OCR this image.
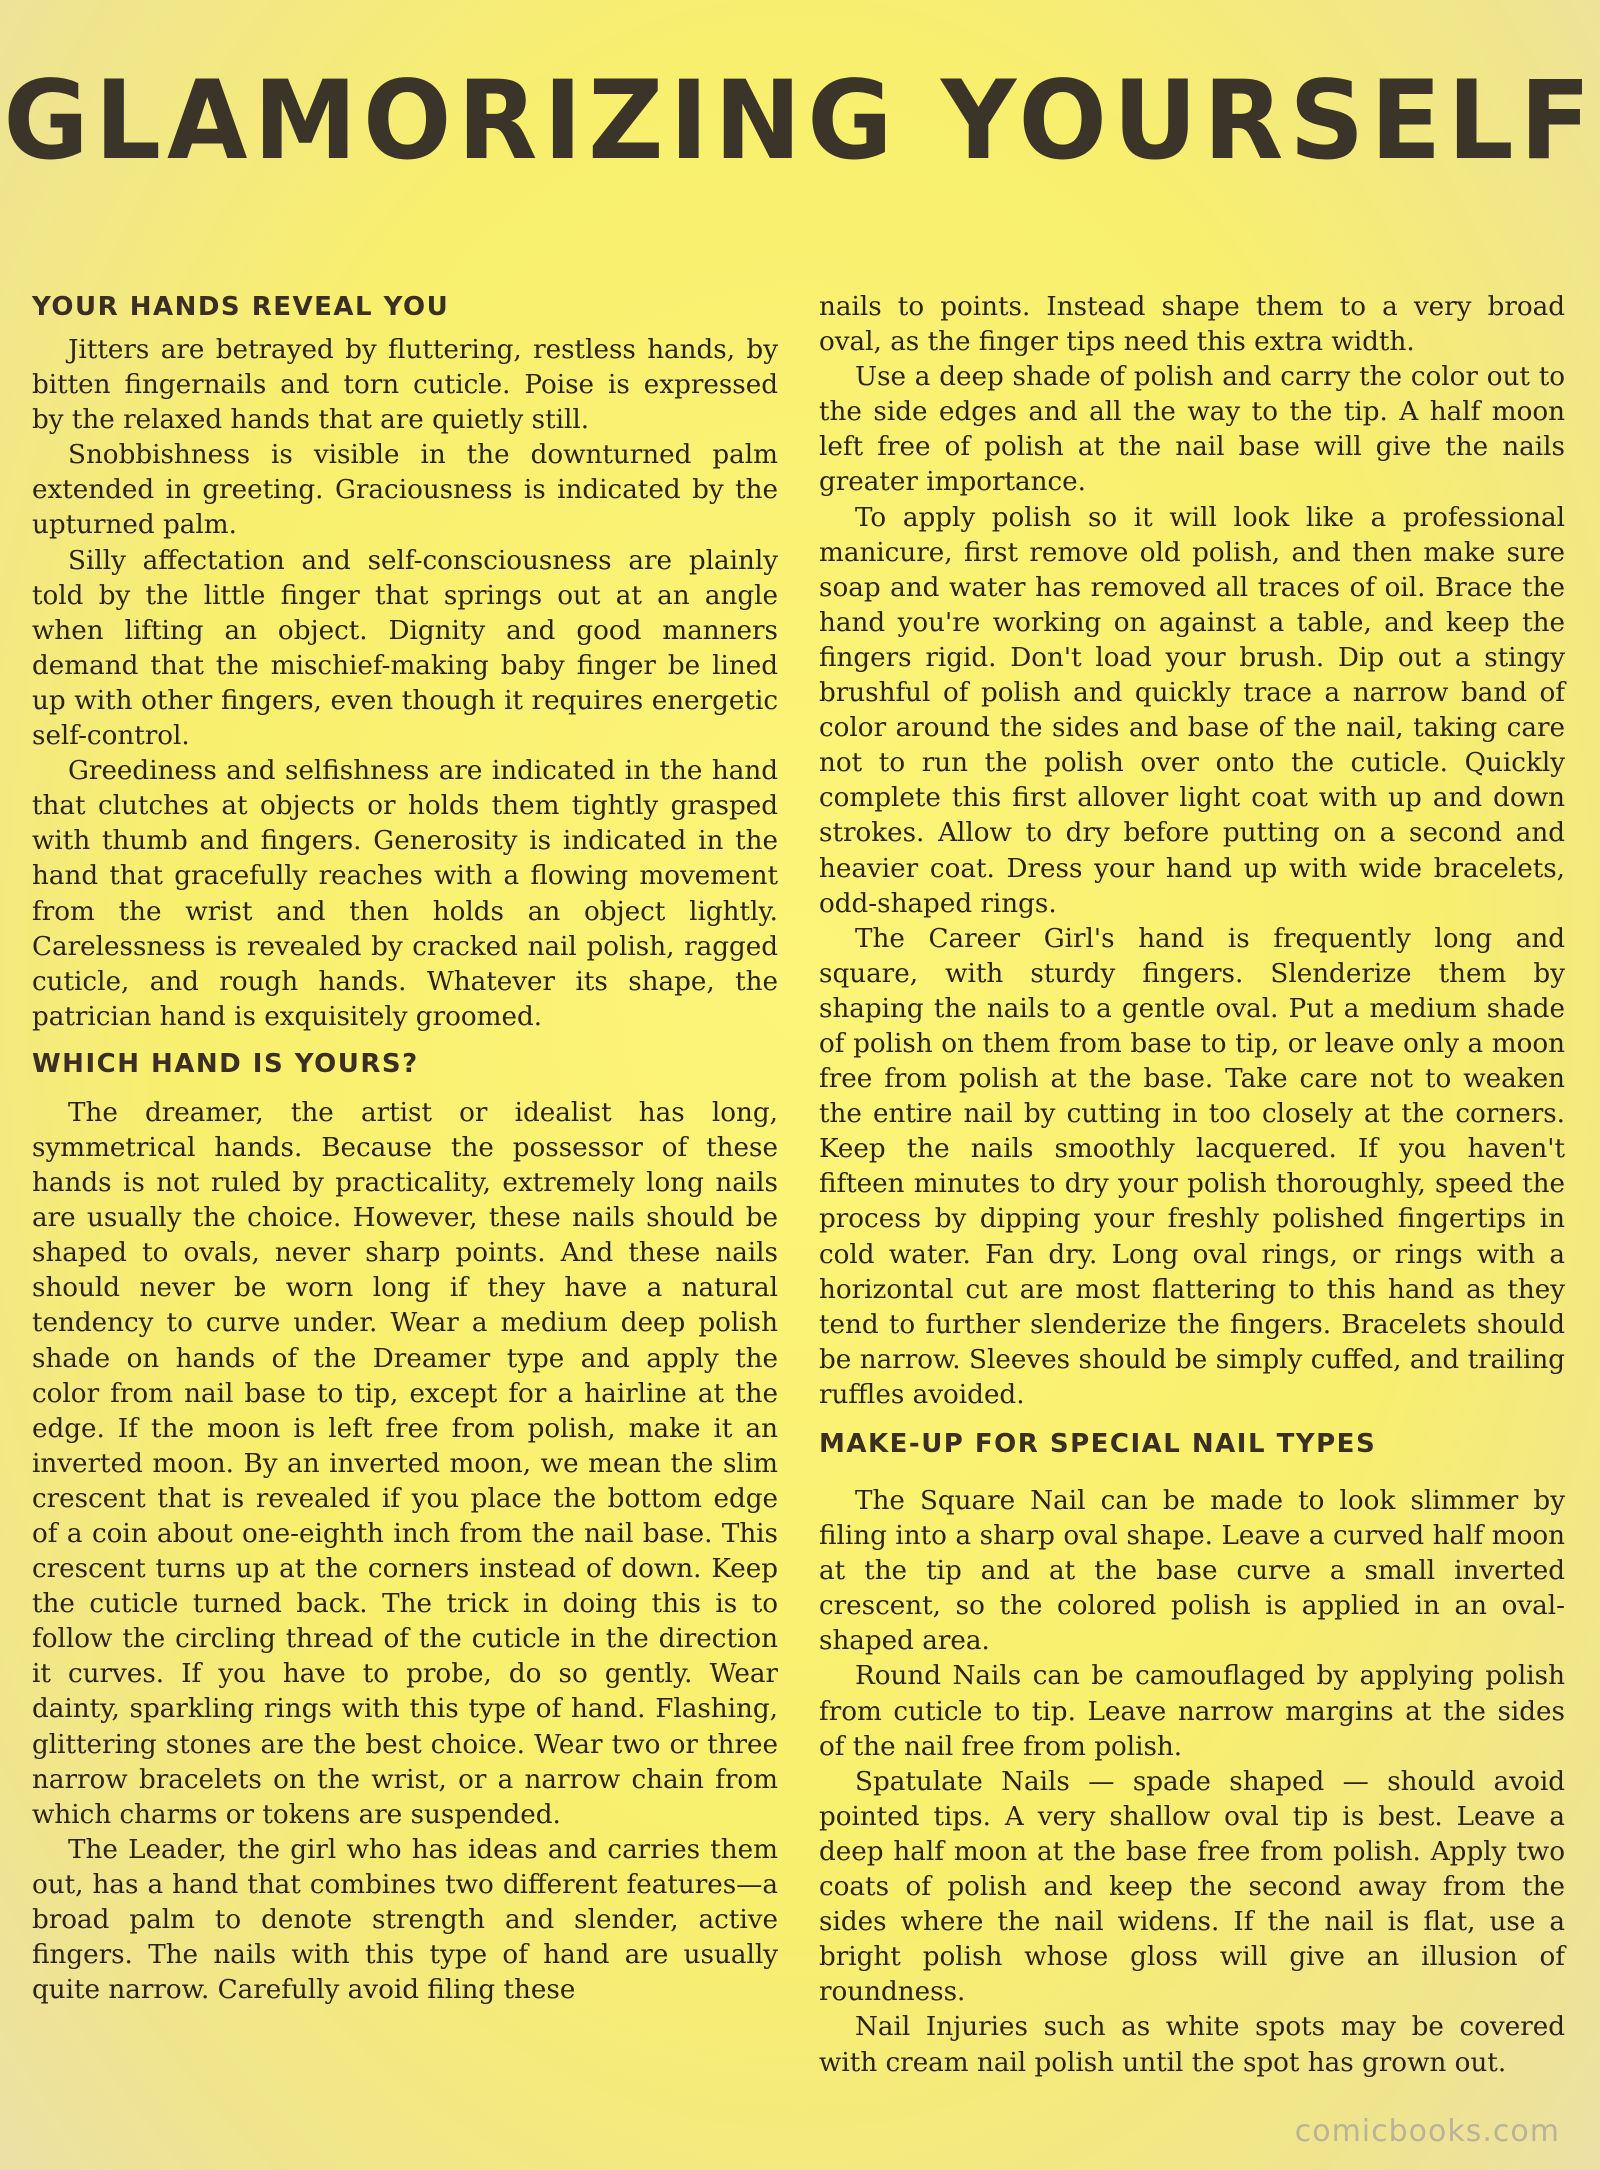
GLAMORIZING YOURSELF
YOUR HANDS REVEAL YOU

Jitters are betrayed by fluttering, restless hands, by bitten fingernails and torn cuticle. Poise is expressed by the relaxed hands that are quietly still.

Snobbishness is visible in the downturned palm extended in greeting. Graciousness is indicated by the upturned palm.

Silly affectation and self-consciousness are plainly told by the little finger that springs out at an angle when lifting an object. Dignity and good manners demand that the mischief-making baby finger be lined up with other fingers, even though it requires energetic self-control.

Greediness and selfishness are indicated in the hand that clutches at objects or holds them tightly grasped with thumb and fingers. Generosity is indicated in the hand that gracefully reaches with a flowing movement from the wrist and then holds an object lightly. Carelessness is revealed by cracked nail polish, ragged cuticle, and rough hands. Whatever its shape, the patrician hand is exquisitely groomed.

WHICH HAND IS YOURS?

The dreamer, the artist or idealist has long, symmetrical hands. Because the possessor of these hands is not ruled by practicality, extremely long nails are usually the choice. However, these nails should be shaped to ovals, never sharp points. And these nails should never be worn long if they have a natural tendency to curve under. Wear a medium deep polish shade on hands of the Dreamer type and apply the color from nail base to tip, except for a hairline at the edge. If the moon is left free from polish, make it an inverted moon. By an inverted moon, we mean the slim crescent that is revealed if you place the bottom edge of a coin about one-eighth inch from the nail base. This crescent turns up at the corners instead of down. Keep the cuticle turned back. The trick in doing this is to follow the circling thread of the cuticle in the direction it curves. If you have to probe, do so gently. Wear dainty, sparkling rings with this type of hand. Flashing, glittering stones are the best choice. Wear two or three narrow bracelets on the wrist, or a narrow chain from which charms or tokens are suspended.

The Leader, the girl who has ideas and carries them out, has a hand that combines two different features—a broad palm to denote strength and slender, active fingers. The nails with this type of hand are usually quite narrow. Carefully avoid filing these

nails to points. Instead shape them to a very broad oval, as the finger tips need this extra width.

Use a deep shade of polish and carry the color out to the side edges and all the way to the tip. A half moon left free of polish at the nail base will give the nails greater importance.

To apply polish so it will look like a professional manicure, first remove old polish, and then make sure soap and water has removed all traces of oil. Brace the hand you're working on against a table, and keep the fingers rigid. Don't load your brush. Dip out a stingy brushful of polish and quickly trace a narrow band of color around the sides and base of the nail, taking care not to run the polish over onto the cuticle. Quickly complete this first allover light coat with up and down strokes. Allow to dry before putting on a second and heavier coat. Dress your hand up with wide bracelets, odd-shaped rings.

The Career Girl's hand is frequently long and square, with sturdy fingers. Slenderize them by shaping the nails to a gentle oval. Put a medium shade of polish on them from base to tip, or leave only a moon free from polish at the base. Take care not to weaken the entire nail by cutting in too closely at the corners. Keep the nails smoothly lacquered. If you haven't fifteen minutes to dry your polish thoroughly, speed the process by dipping your freshly polished fingertips in cold water. Fan dry. Long oval rings, or rings with a horizontal cut are most flattering to this hand as they tend to further slenderize the fingers. Bracelets should be narrow. Sleeves should be simply cuffed, and trailing ruffles avoided.

MAKE-UP FOR SPECIAL NAIL TYPES

The Square Nail can be made to look slimmer by filing into a sharp oval shape. Leave a curved half moon at the tip and at the base curve a small inverted crescent, so the colored polish is applied in an oval-shaped area.

Round Nails can be camouflaged by applying polish from cuticle to tip. Leave narrow margins at the sides of the nail free from polish.

Spatulate Nails — spade shaped — should avoid pointed tips. A very shallow oval tip is best. Leave a deep half moon at the base free from polish. Apply two coats of polish and keep the second away from the sides where the nail widens. If the nail is flat, use a bright polish whose gloss will give an illusion of roundness.

Nail Injuries such as white spots may be covered with cream nail polish until the spot has grown out.

comicbooks.com
